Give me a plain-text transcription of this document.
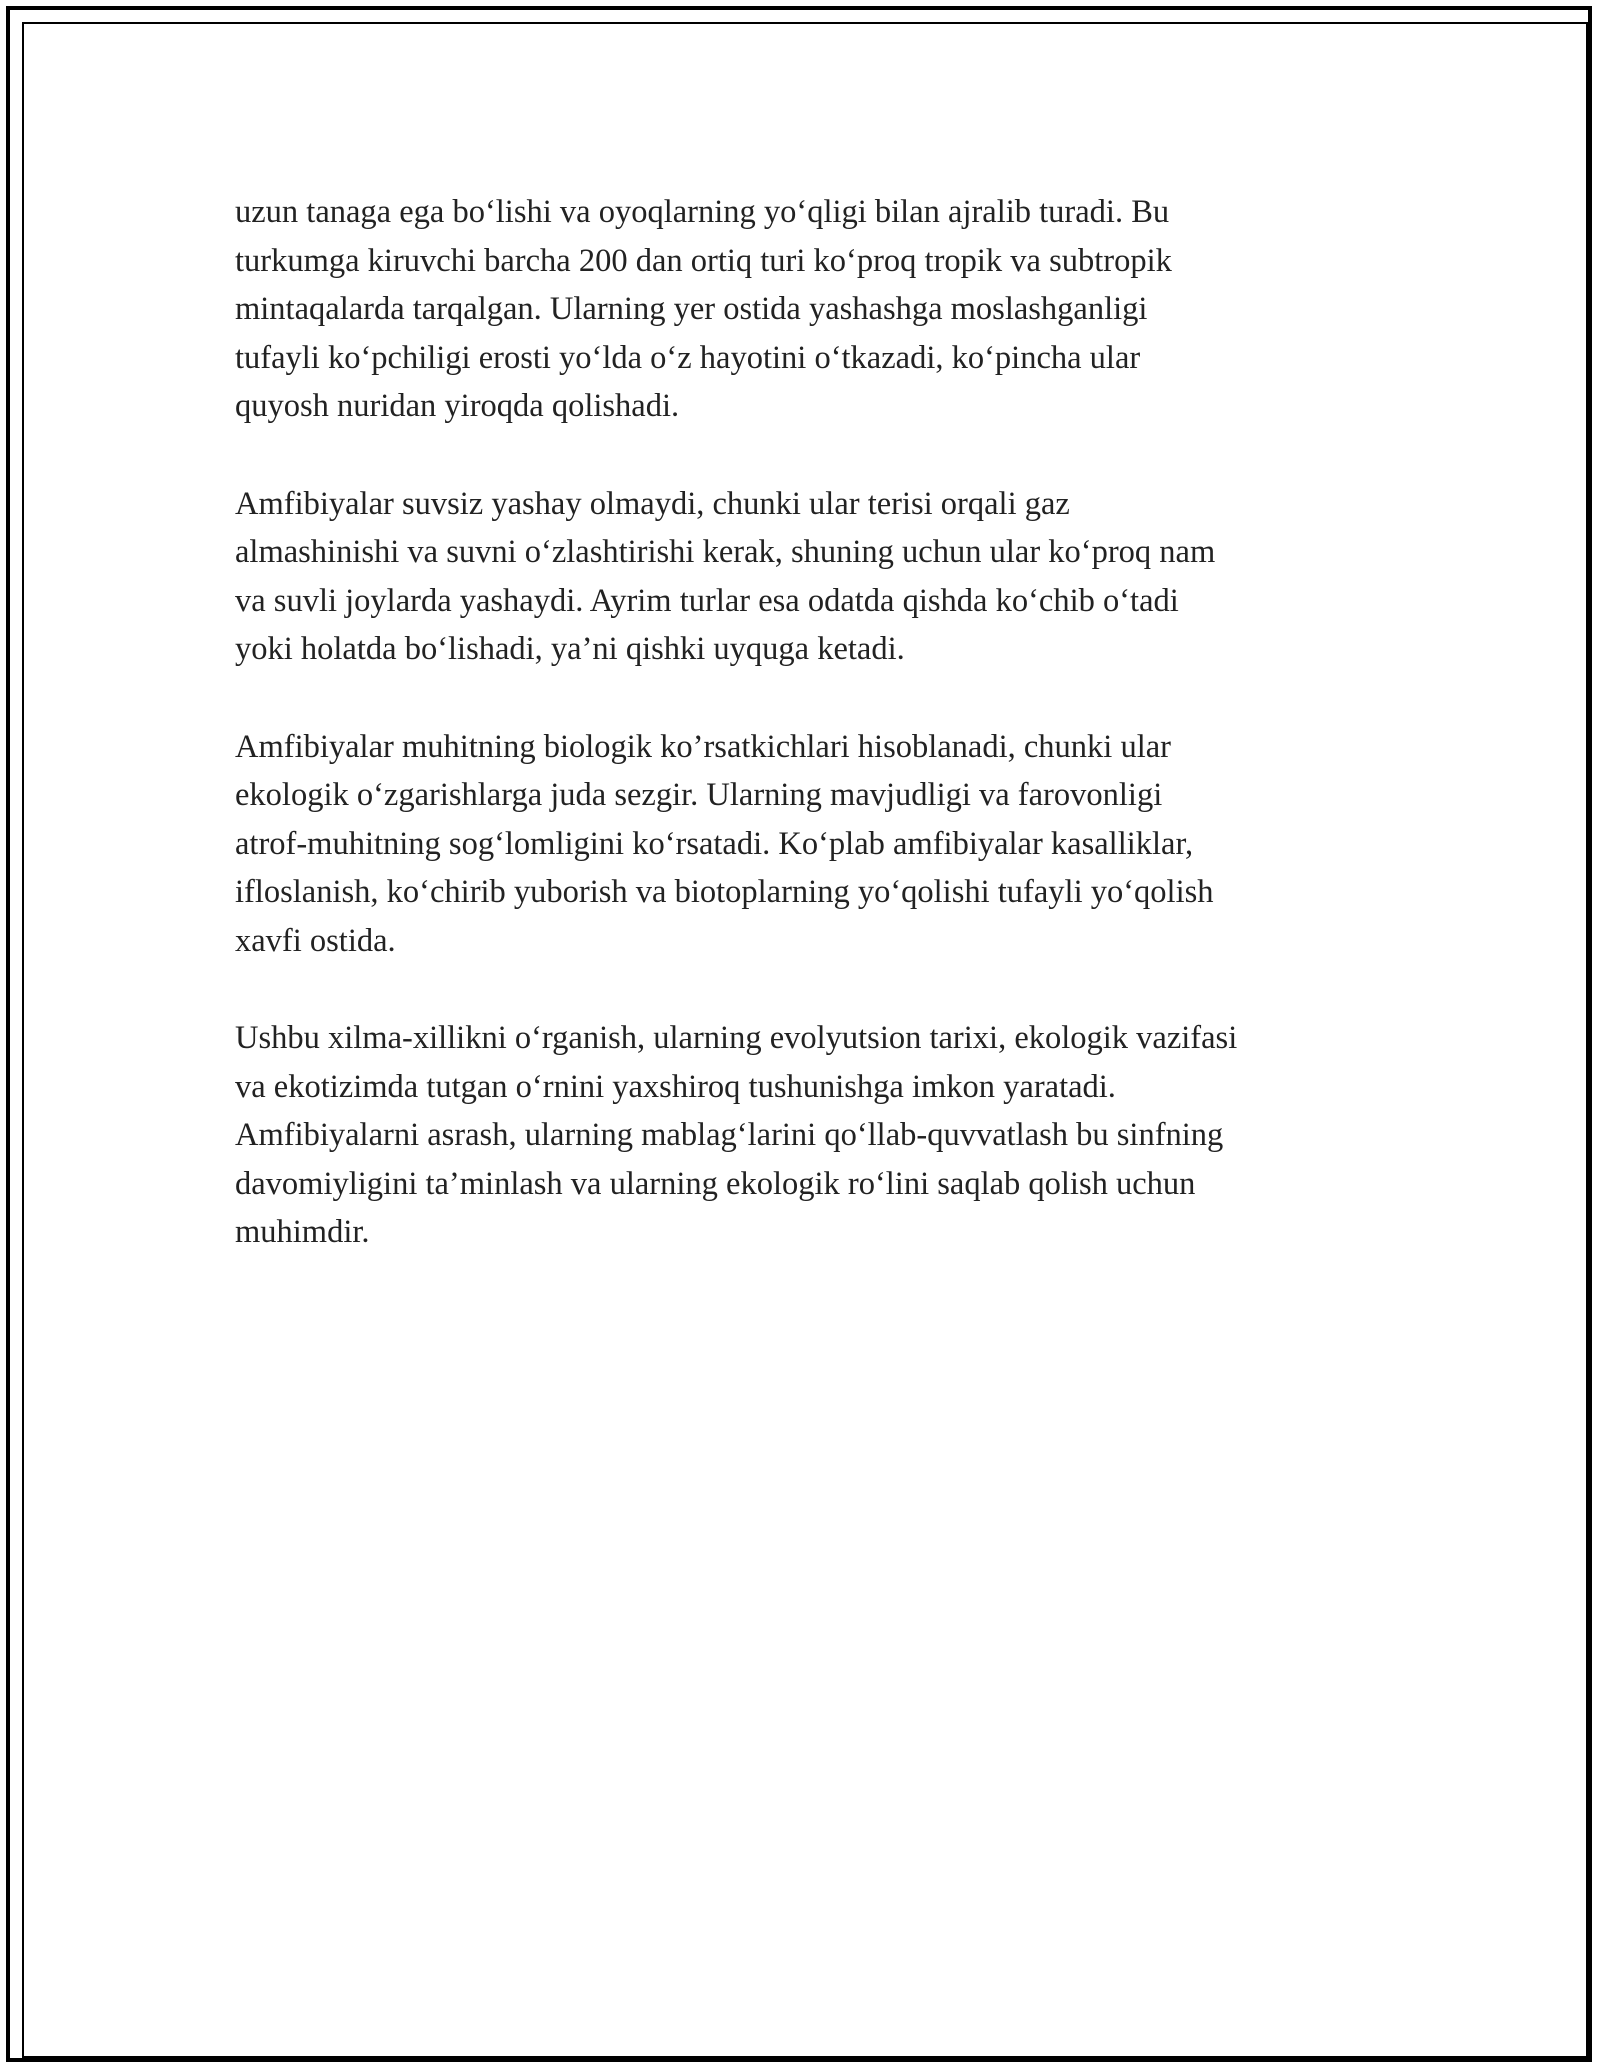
uzun tanaga ega bo‘lishi va oyoqlarning yo‘qligi bilan ajralib turadi. Bu
turkumga kiruvchi barcha 200 dan ortiq turi ko‘proq tropik va subtropik
mintaqalarda tarqalgan. Ularning yer ostida yashashga moslashganligi
tufayli ko‘pchiligi erosti yo‘lda o‘z hayotini o‘tkazadi, ko‘pincha ular
quyosh nuridan yiroqda qolishadi.

Amfibiyalar suvsiz yashay olmaydi, chunki ular terisi orqali gaz
almashinishi va suvni o‘zlashtirishi kerak, shuning uchun ular ko‘proq nam
va suvli joylarda yashaydi. Ayrim turlar esa odatda qishda ko‘chib o‘tadi
yoki holatda bo‘lishadi, ya’ni qishki uyquga ketadi.

Amfibiyalar muhitning biologik ko’rsatkichlari hisoblanadi, chunki ular
ekologik o‘zgarishlarga juda sezgir. Ularning mavjudligi va farovonligi
atrof-muhitning sog‘lomligini ko‘rsatadi. Ko‘plab amfibiyalar kasalliklar,
ifloslanish, ko‘chirib yuborish va biotoplarning yo‘qolishi tufayli yo‘qolish
xavfi ostida.

Ushbu xilma-xillikni o‘rganish, ularning evolyutsion tarixi, ekologik vazifasi
va ekotizimda tutgan o‘rnini yaxshiroq tushunishga imkon yaratadi.
Amfibiyalarni asrash, ularning mablag‘larini qo‘llab-quvvatlash bu sinfning
davomiyligini ta’minlash va ularning ekologik ro‘lini saqlab qolish uchun
muhimdir.
